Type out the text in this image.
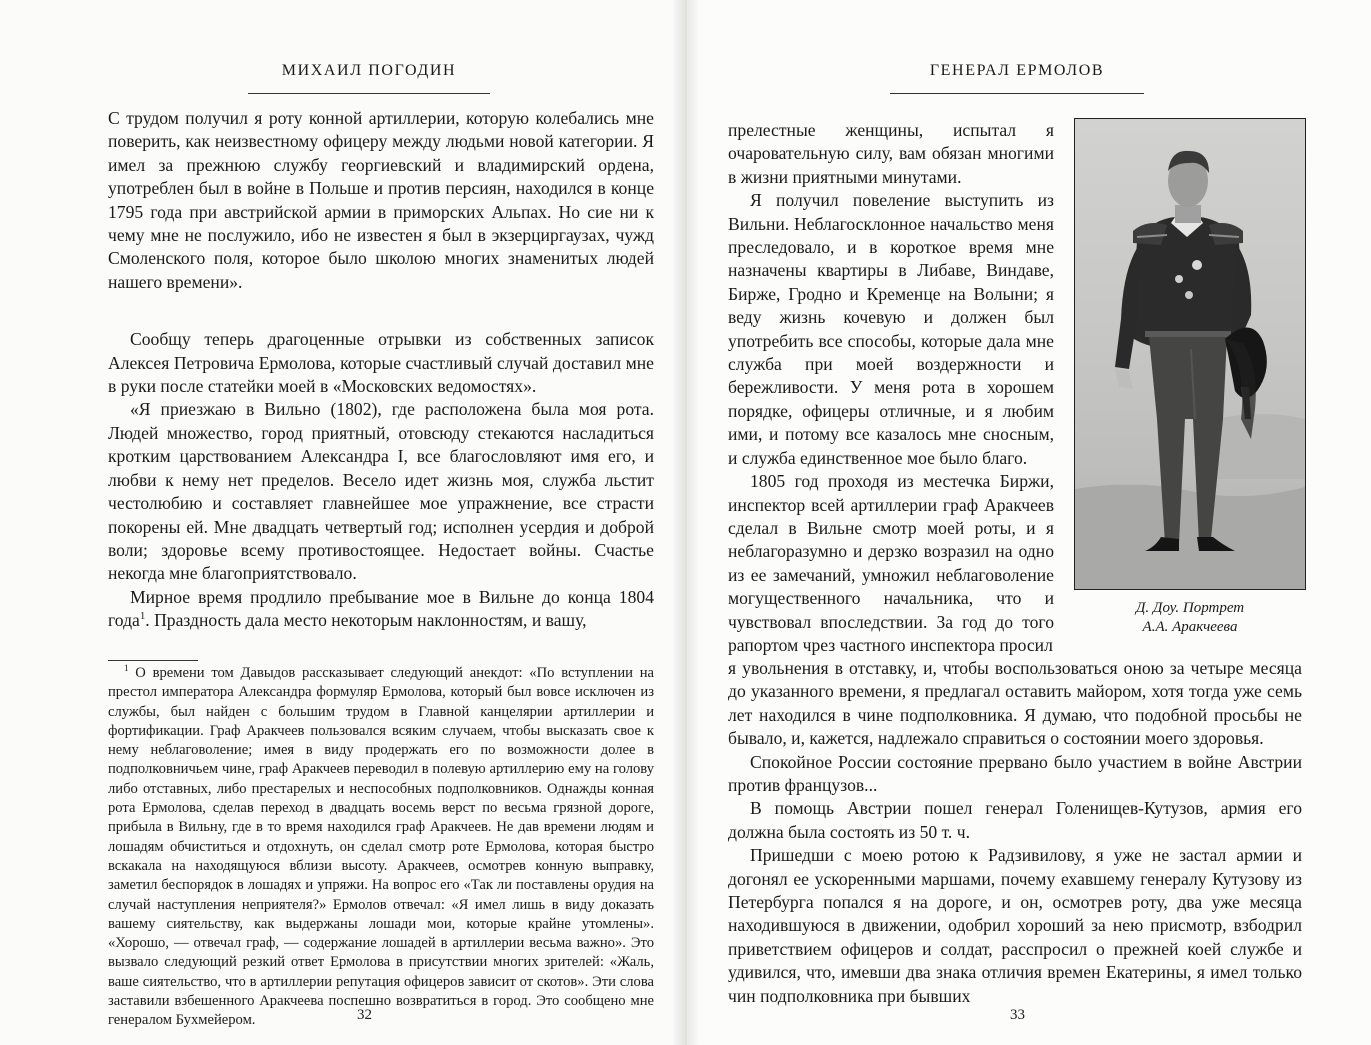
МИХАИЛ ПОГОДИН

С трудом получил я роту конной артиллерии, которую колебались мне поверить, как неизвестному офицеру между людьми новой категории. Я имел за прежнюю службу георгиевский и владимирский ордена, употреблен был в войне в Польше и против персиян, находился в конце 1795 года при австрийской армии в приморских Альпах. Но сие ни к чему мне не послужило, ибо не известен я был в экзерциргаузах, чужд Смоленского поля, которое было школою многих знаменитых людей нашего времени».

Сообщу теперь драгоценные отрывки из собственных записок Алексея Петровича Ермолова, которые счастливый случай доставил мне в руки после статейки моей в «Московских ведомостях».

«Я приезжаю в Вильно (1802), где расположена была моя рота. Людей множество, город приятный, отовсюду стекаются насладиться кротким царствованием Александра I, все благословляют имя его, и любви к нему нет пределов. Весело идет жизнь моя, служба льстит честолюбию и составляет главнейшее мое упражнение, все страсти покорены ей. Мне двадцать четвертый год; исполнен усердия и доброй воли; здоровье всему противостоящее. Недостает войны. Счастье некогда мне благоприятствовало.

Мирное время продлило пребывание мое в Вильне до конца 1804 года$^1$. Праздность дала место некоторым наклонностям, и вашу,

$^1$ О времени том Давыдов рассказывает следующий анекдот: «По вступлении на престол императора Александра формуляр Ермолова, который был вовсе исключен из службы, был найден с большим трудом в Главной канцелярии артиллерии и фортификации. Граф Аракчеев пользовался всяким случаем, чтобы высказать свое к нему неблаговоление; имея в виду продержать его по возможности долее в подполковничьем чине, граф Аракчеев переводил в полевую артиллерию ему на голову либо отставных, либо престарелых и неспособных подполковников. Однажды конная рота Ермолова, сделав переход в двадцать восемь верст по весьма грязной дороге, прибыла в Вильну, где в то время находился граф Аракчеев. Не дав времени людям и лошадям обчиститься и отдохнуть, он сделал смотр роте Ермолова, которая быстро вскакала на находящуюся вблизи высоту. Аракчеев, осмотрев конную выправку, заметил беспорядок в лошадях и упряжи. На вопрос его «Так ли поставлены орудия на случай наступления неприятеля?» Ермолов отвечал: «Я имел лишь в виду доказать вашему сиятельству, как выдержаны лошади мои, которые крайне утомлены». «Хорошо, — отвечал граф, — содержание лошадей в артиллерии весьма важно». Это вызвало следующий резкий ответ Ермолова в присутствии многих зрителей: «Жаль, ваше сиятельство, что в артиллерии репутация офицеров зависит от скотов». Эти слова заставили взбешенного Аракчеева поспешно возвратиться в город. Это сообщено мне генералом Бухмейером.	32
ГЕНЕРАЛ ЕРМОЛОВ

прелестные женщины, испытал я очаровательную силу, вам обязан многими в жизни приятными минутами.

Я получил повеление выступить из Вильни. Неблагосклонное начальство меня преследовало, и в короткое время мне назначены квартиры в Либаве, Виндаве, Бирже, Гродно и Кременце на Волыни; я веду жизнь кочевую и должен был употребить все способы, которые дала мне служба при моей воздержности и бережливости. У меня рота в хорошем порядке, офицеры отличные, и я любим ими, и потому все казалось мне сносным, и служба единственное мое было благо.

1805 год проходя из местечка Биржи, инспектор всей артиллерии граф Аракчеев сделал в Вильне смотр моей роты, и я неблагоразумно и дерзко возразил на одно из ее замечаний, умножил неблаговоление могущественного начальника, что и чувствовал впоследствии. За год до того рапортом чрез частного инспектора просил

Д. Доу. Портрет
А.А. Аракчеева

я увольнения в отставку, и, чтобы воспользоваться оною за четыре месяца до указанного времени, я предлагал оставить майором, хотя тогда уже семь лет находился в чине подполковника. Я думаю, что подобной просьбы не бывало, и, кажется, надлежало справиться о состоянии моего здоровья.

Спокойное России состояние прервано было участием в войне Австрии против французов...

В помощь Австрии пошел генерал Голенищев-Кутузов, армия его должна была состоять из 50 т. ч.

Пришедши с моею ротою к Радзивилову, я уже не застал армии и догонял ее ускоренными маршами, почему ехавшему генералу Кутузову из Петербурга попался я на дороге, и он, осмотрев роту, два уже месяца находившуюся в движении, одобрил хороший за нею присмотр, взбодрил приветствием офицеров и солдат, расспросил о прежней коей службе и удивился, что, имевши два знака отличия времен Екатерины, я имел только чин подполковника при бывших

33
